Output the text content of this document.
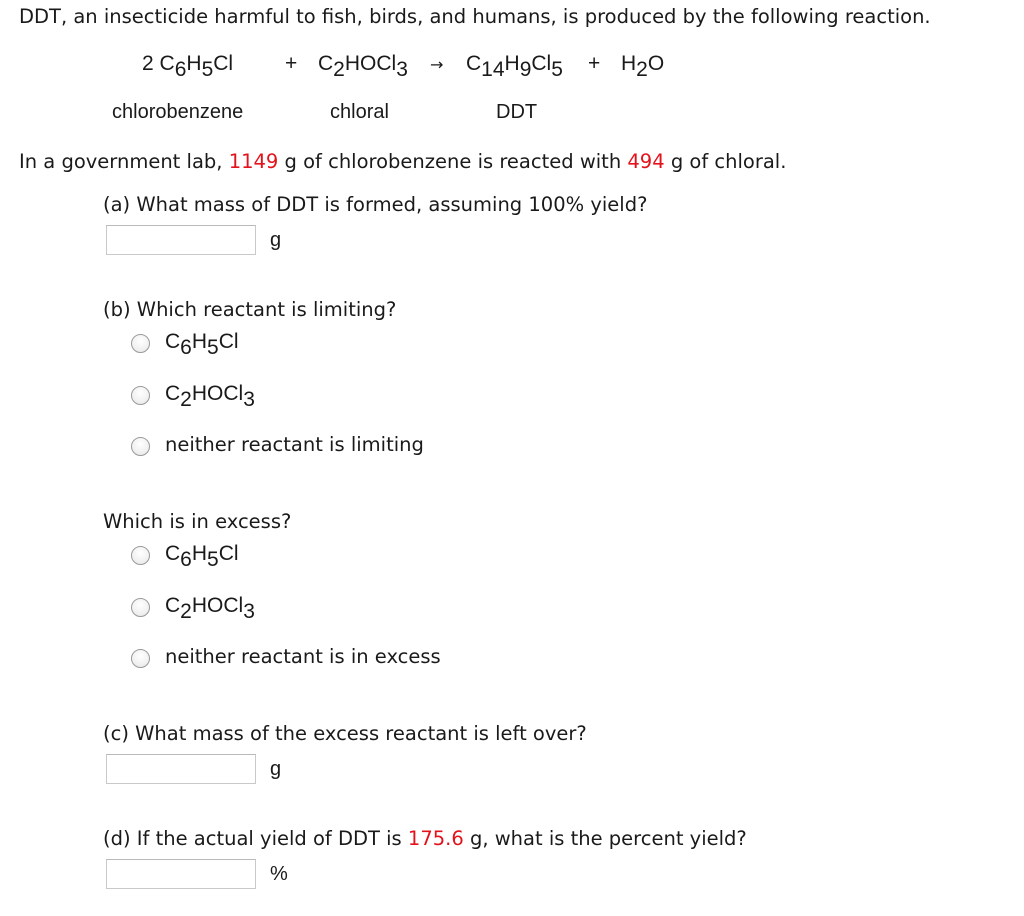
DDT, an insecticide harmful to fish, birds, and humans, is produced by the following reaction.
2 $C_6H_5Cl$ + $C_2HOCl_3 \to C_{14}H_9Cl_5 + H_2O$
chlorobenzene	chloral	DDT
In a government lab, 1149 g of chlorobenzene is reacted with 494 g of chloral.
(a) What mass of DDT is formed, assuming 100% yield?
g
(b) Which reactant is limiting?
$C_6H_5Cl$
$C_2HOCl_3$
neither reactant is limiting
Which is in excess?
$C_6H_5Cl$
$C_2HOCl_3$
neither reactant is in excess
(c) What mass of the excess reactant is left over?
g
(d) If the actual yield of DDT is 175.6 g, what is the percent yield?
%
